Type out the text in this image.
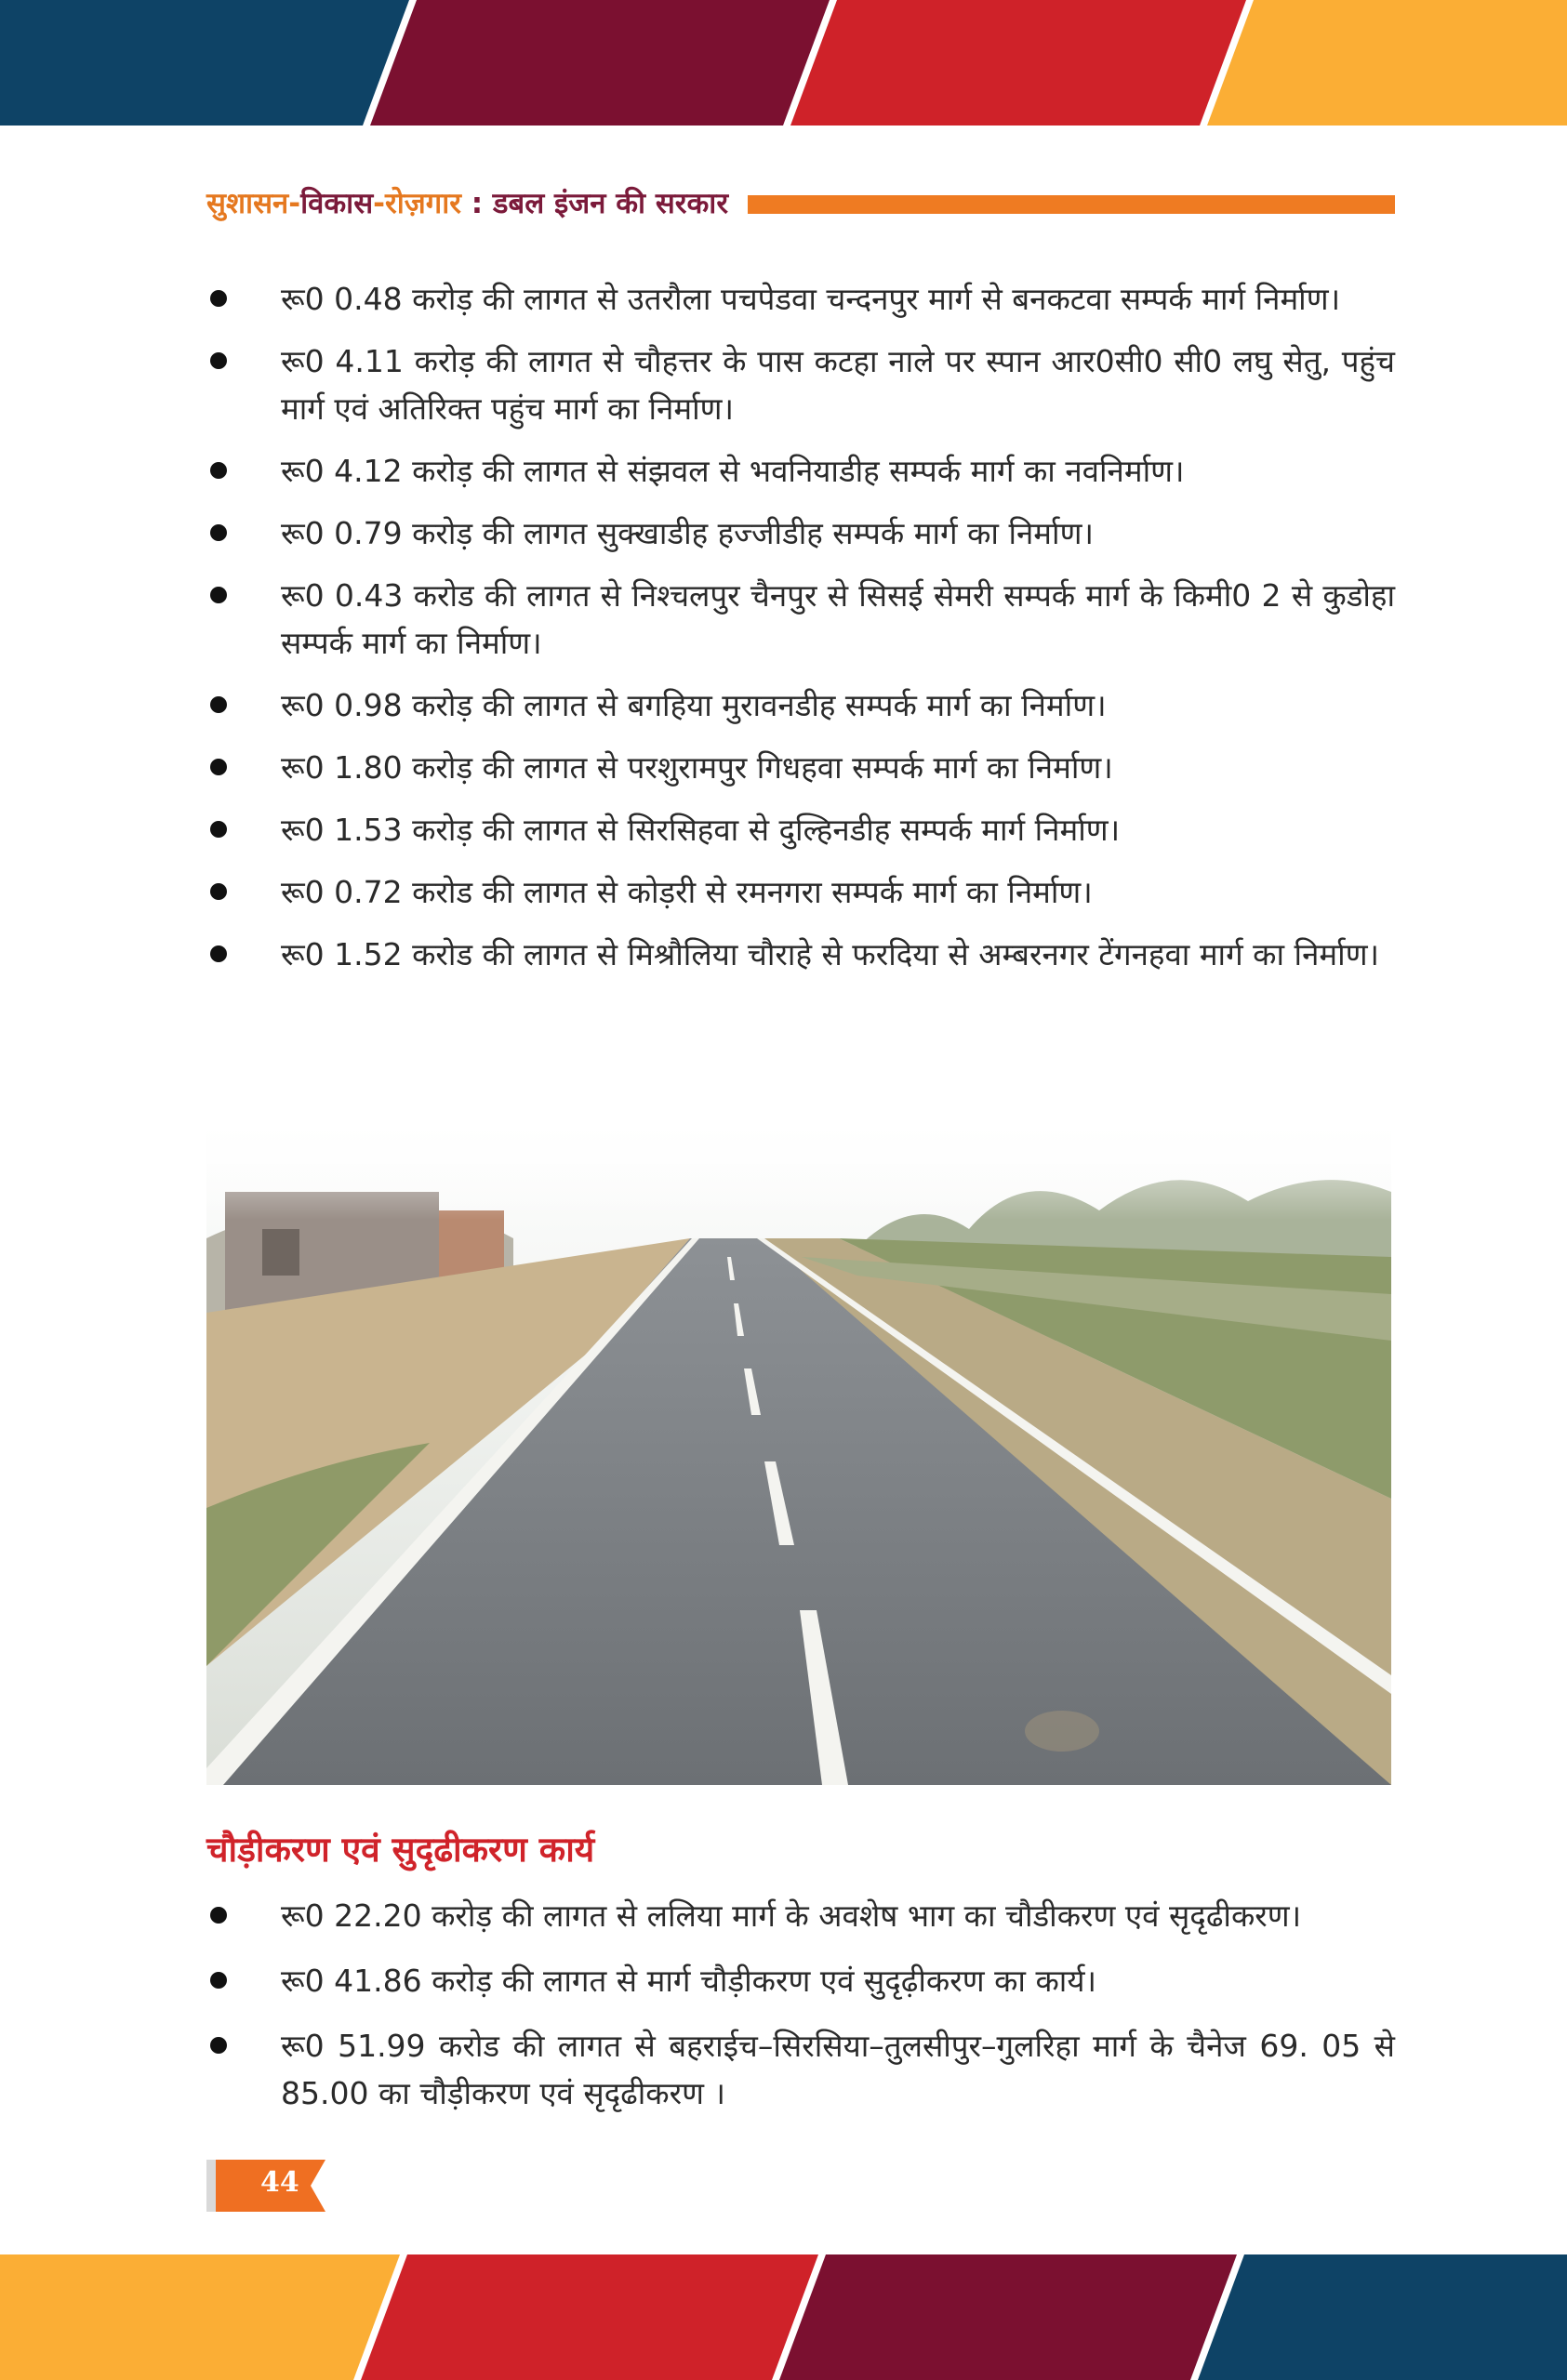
सुशासन-विकास-रोज़गार : डबल इंजन की सरकार
रू0 0.48 करोड़ की लागत से उतरौला पचपेडवा चन्दनपुर मार्ग से बनकटवा सम्पर्क मार्ग निर्माण।
रू0 4.11 करोड़ की लागत से चौहत्तर के पास कटहा नाले पर स्पान आर0सी0 सी0 लघु सेतु, पहुंच मार्ग एवं अतिरिक्त पहुंच मार्ग का निर्माण।
रू0 4.12 करोड़ की लागत से संझवल से भवनियाडीह सम्पर्क मार्ग का नवनिर्माण।
रू0 0.79 करोड़ की लागत सुक्खाडीह हज्जीडीह सम्पर्क मार्ग का निर्माण।
रू0 0.43 करोड की लागत से निश्चलपुर चैनपुर से सिसई सेमरी सम्पर्क मार्ग के किमी0 2 से कुडोहा सम्पर्क मार्ग का निर्माण।
रू0 0.98 करोड़ की लागत से बगहिया मुरावनडीह सम्पर्क मार्ग का निर्माण।
रू0 1.80 करोड़ की लागत से परशुरामपुर गिधहवा सम्पर्क मार्ग का निर्माण।
रू0 1.53 करोड़ की लागत से सिरसिहवा से दुल्हिनडीह सम्पर्क मार्ग निर्माण।
रू0 0.72 करोड की लागत से कोड़री से रमनगरा सम्पर्क मार्ग का निर्माण।
रू0 1.52 करोड की लागत से मिश्रौलिया चौराहे से फरदिया से अम्बरनगर टेंगनहवा मार्ग का निर्माण।
चौड़ीकरण एवं सुदृढीकरण कार्य
रू0 22.20 करोड़ की लागत से ललिया मार्ग के अवशेष भाग का चौडीकरण एवं सृदृढीकरण।
रू0 41.86 करोड़ की लागत से मार्ग चौड़ीकरण एवं सुदृढ़ीकरण का कार्य।
रू0 51.99 करोड की लागत से बहराईच–सिरसिया–तुलसीपुर–गुलरिहा मार्ग के चैनेज 69. 05 से 85.00 का चौड़ीकरण एवं सृदृढीकरण ।
44
